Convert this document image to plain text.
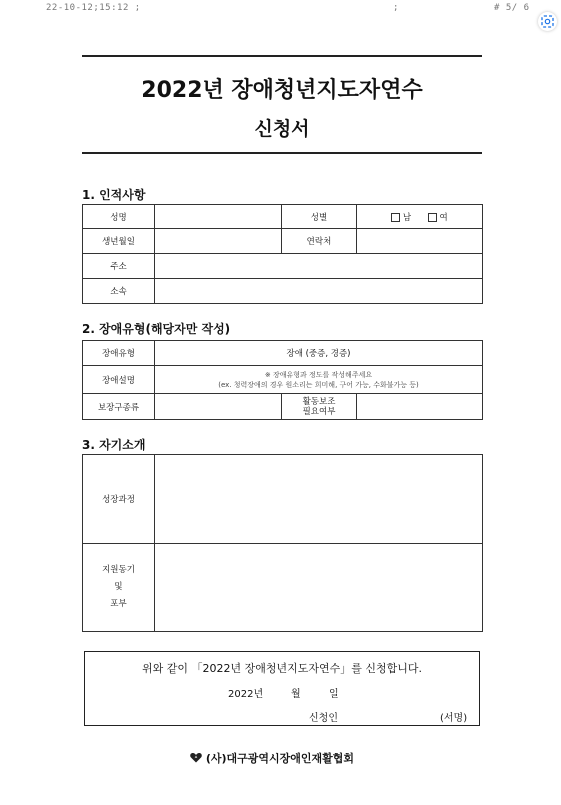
22-10-12;15:12 ;	;	# 5/ 6
2022년 장애청년지도자연수
신청서
1. 인적사항
성명		성별	남 여
생년월일		연락처	
주소			
소속			
2. 장애유형(해당자만 작성)
장애유형	장애 (중증, 경증)		
장애설명	※ 장애유형과 정도를 작성해주세요
(ex. 청력장애의 경우 원소리는 희미해, 구어 가능, 수화불가능 등)		

보장구종류		활동보조
필요여부	

3. 자기소개
성장과정	

지원동기
및
포부	

위와 같이 「2022년 장애청년지도자연수」를 신청합니다.
2022년	월	일
신청인	(서명)
(사)대구광역시장애인재활협회
